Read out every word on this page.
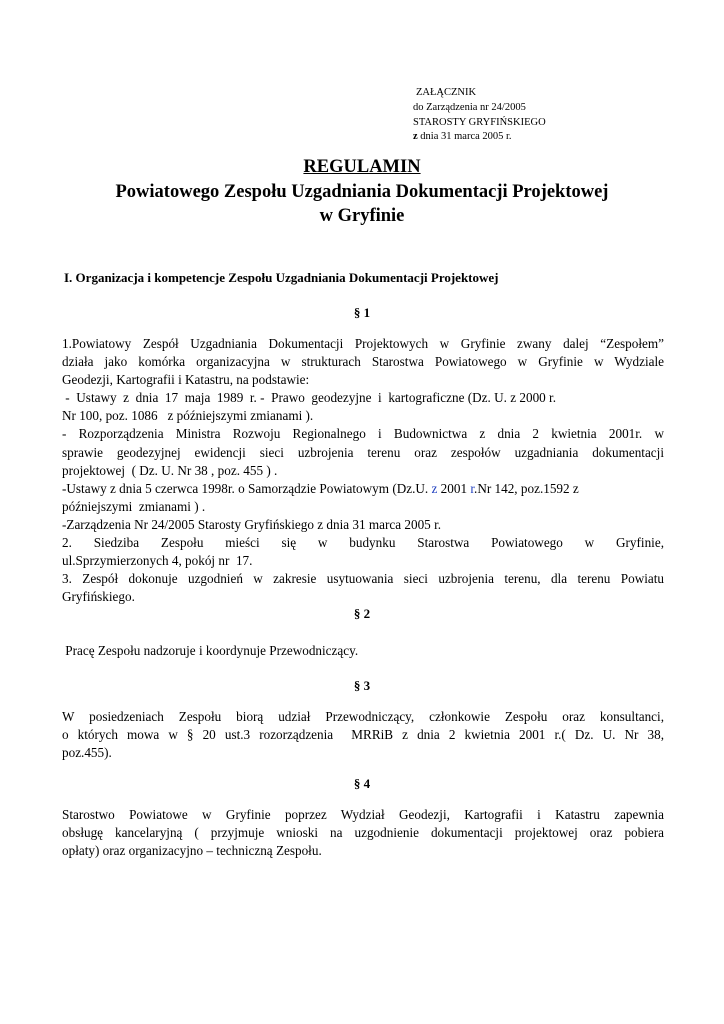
ZAŁĄCZNIK
do Zarządzenia nr 24/2005
STAROSTY GRYFIŃSKIEGO
z dnia 31 marca 2005 r.
REGULAMIN
Powiatowego Zespołu Uzgadniania Dokumentacji Projektowej
w Gryfinie
I. Organizacja i kompetencje Zespołu Uzgadniania Dokumentacji Projektowej
§ 1
1.Powiatowy Zespół Uzgadniania Dokumentacji Projektowych w Gryfinie zwany dalej “Zespołem”
działa jako komórka organizacyjna w strukturach Starostwa Powiatowego w Gryfinie w Wydziale
Geodezji, Kartografii i Katastru, na podstawie:
-  Ustawy  z  dnia  17  maja  1989  r. -  Prawo  geodezyjne  i  kartograficzne (Dz. U. z 2000 r.
Nr 100, poz. 1086   z późniejszymi zmianami ).
- Rozporządzenia Ministra Rozwoju Regionalnego i Budownictwa z dnia 2 kwietnia 2001r. w
sprawie geodezyjnej ewidencji sieci uzbrojenia terenu oraz zespołów uzgadniania dokumentacji
projektowej  ( Dz. U. Nr 38 , poz. 455 ) .
-Ustawy z dnia 5 czerwca 1998r. o Samorządzie Powiatowym (Dz.U. z 2001 r.Nr 142, poz.1592 z
późniejszymi  zmianami ) .
-Zarządzenia Nr 24/2005 Starosty Gryfińskiego z dnia 31 marca 2005 r.
2. Siedziba Zespołu mieści się w budynku Starostwa Powiatowego w Gryfinie,
ul.Sprzymierzonych 4, pokój nr  17.
3. Zespół dokonuje uzgodnień w zakresie usytuowania sieci uzbrojenia terenu, dla terenu Powiatu
Gryfińskiego.
§ 2
Pracę Zespołu nadzoruje i koordynuje Przewodniczący.
§ 3
W posiedzeniach Zespołu biorą udział Przewodniczący, członkowie Zespołu oraz konsultanci,
o których mowa w § 20 ust.3 rozorządzenia  MRRiB z dnia 2 kwietnia 2001 r.( Dz. U. Nr 38,
poz.455).
§ 4
Starostwo Powiatowe w Gryfinie poprzez Wydział Geodezji, Kartografii i Katastru zapewnia
obsługę kancelaryjną ( przyjmuje wnioski na uzgodnienie dokumentacji projektowej oraz pobiera
opłaty) oraz organizacyjno – techniczną Zespołu.
